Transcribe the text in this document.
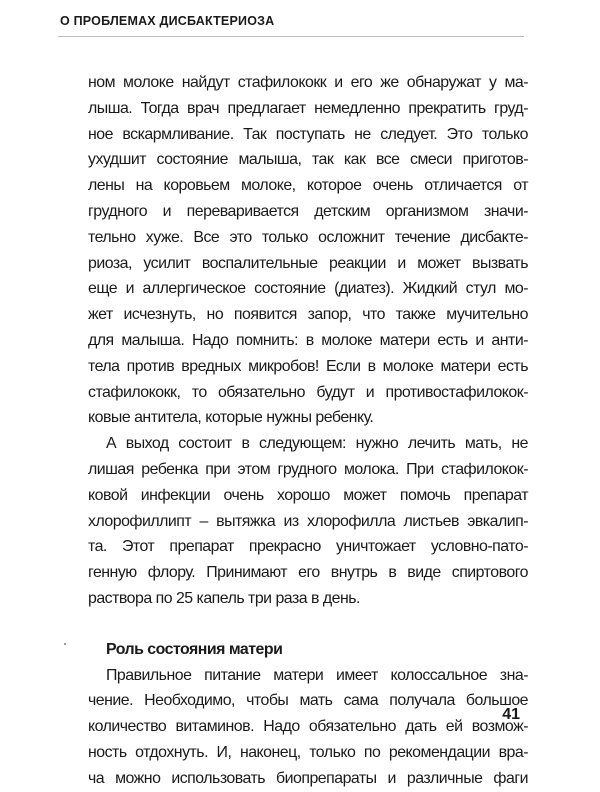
О ПРОБЛЕМАХ ДИСБАКТЕРИОЗА
ном молоке найдут стафилококк и его же обнаружат у ма-
лыша. Тогда врач предлагает немедленно прекратить груд-
ное вскармливание. Так поступать не следует. Это только
ухудшит состояние малыша, так как все смеси приготов-
лены на коровьем молоке, которое очень отличается от
грудного и переваривается детским организмом значи-
тельно хуже. Все это только осложнит течение дисбакте-
риоза, усилит воспалительные реакции и может вызвать
еще и аллергическое состояние (диатез). Жидкий стул мо-
жет исчезнуть, но появится запор, что также мучительно
для малыша. Надо помнить: в молоке матери есть и анти-
тела против вредных микробов! Если в молоке матери есть
стафилококк, то обязательно будут и противостафилокок-
ковые антитела, которые нужны ребенку.
А выход состоит в следующем: нужно лечить мать, не
лишая ребенка при этом грудного молока. При стафилокок-
ковой инфекции очень хорошо может помочь препарат
хлорофиллипт – вытяжка из хлорофилла листьев эвкалип-
та. Этот препарат прекрасно уничтожает условно-пато-
генную флору. Принимают его внутрь в виде спиртового
раствора по 25 капель три раза в день.
Роль состояния матери
Правильное питание матери имеет колоссальное зна-
чение. Необходимо, чтобы мать сама получала большое
количество витаминов. Надо обязательно дать ей возмож-
ность отдохнуть. И, наконец, только по рекомендации вра-
ча можно использовать биопрепараты и различные фаги
41
